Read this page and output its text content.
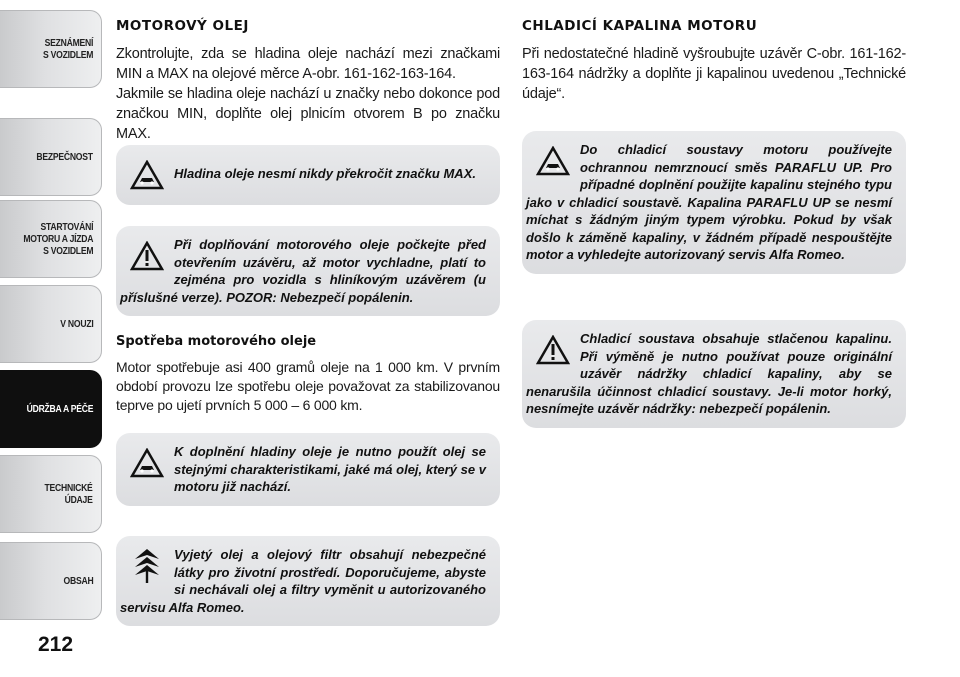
SEZNÁMENÍ
S VOZIDLEM
BEZPEČNOST
STARTOVÁNÍ
MOTORU A JÍZDA
S VOZIDLEM
V NOUZI
ÚDRŽBA A PÉČE
TECHNICKÉ
ÚDAJE
OBSAH
212
MOTOROVÝ OLEJ

Zkontrolujte, zda se hladina oleje nachází mezi značkami MIN a MAX na olejové měrce A-obr. 161-162-163-164.

Jakmile se hladina oleje nachází u značky nebo dokonce pod značkou MIN, doplňte olej plnicím otvorem B po značku MAX.

Hladina oleje nesmí nikdy překročit značku MAX.
Při doplňování motorového oleje počkejte před otevřením uzávěru, až motor vychladne, platí to zejména pro vozidla s hliníkovým uzávěrem (u příslušné verze). POZOR: Nebezpečí popálenin.
Spotřeba motorového oleje

Motor spotřebuje asi 400 gramů oleje na 1 000 km. V prvním období provozu lze spotřebu oleje považovat za stabilizovanou teprve po ujetí prvních 5 000 – 6 000 km.

K doplnění hladiny oleje je nutno použít olej se stejnými charakteristikami, jaké má olej, který se v motoru již nachází.
Vyjetý olej a olejový filtr obsahují nebezpečné látky pro životní prostředí. Doporučujeme, abyste si nechávali olej a filtry vyměnit u autorizovaného servisu Alfa Romeo.
CHLADICÍ KAPALINA MOTORU

Při nedostatečné hladině vyšroubujte uzávěr C-obr. 161-162-163-164 nádržky a doplňte ji kapalinou uvedenou „Technické údaje“.

Do chladicí soustavy motoru používejte ochrannou nemrznoucí směs PARAFLU UP. Pro případné doplnění použijte kapalinu stejného typu jako v chladicí soustavě. Kapalina PARAFLU UP se nesmí míchat s žádným jiným typem výrobku. Pokud by však došlo k záměně kapaliny, v žádném případě nespouštějte motor a vyhledejte autorizovaný servis Alfa Romeo.
Chladicí soustava obsahuje stlačenou kapalinu. Při výměně je nutno používat pouze originální uzávěr nádržky chladicí kapaliny, aby se nenarušila účinnost chladicí soustavy. Je-li motor horký, nesnímejte uzávěr nádržky: nebezpečí popálenin.
